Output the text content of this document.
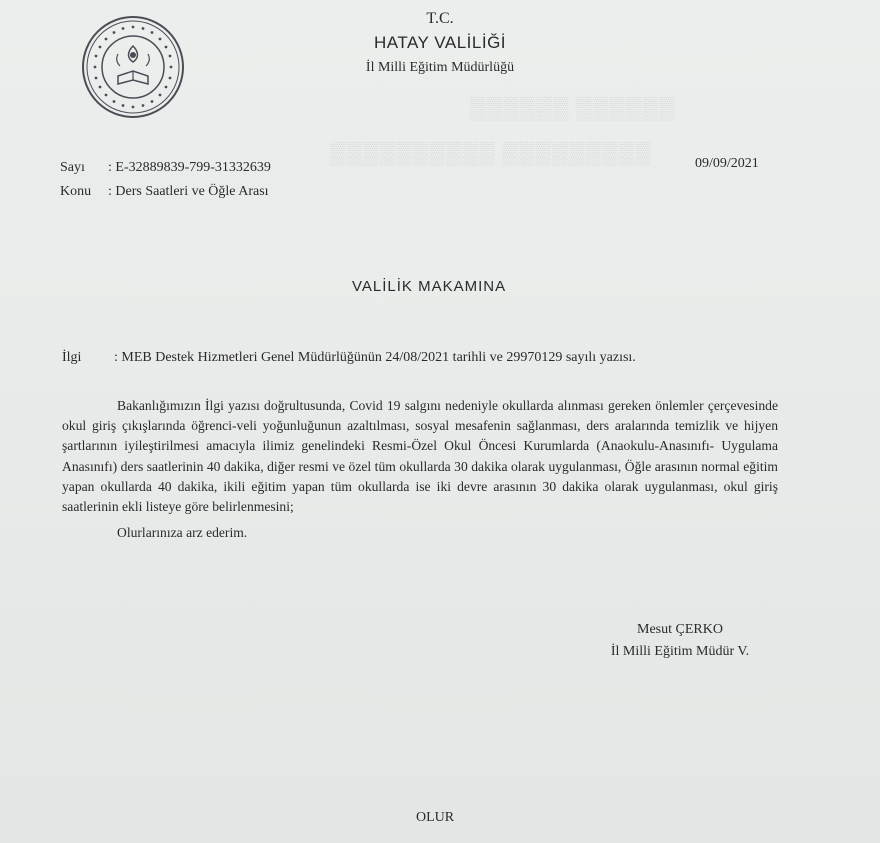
▒▒▒▒▒▒ ▒▒▒▒▒▒
▒▒▒▒▒▒▒▒▒▒ ▒▒▒▒▒▒▒▒▒
T.C.
HATAY VALİLİĞİ
İl Milli Eğitim Müdürlüğü
Sayı : E-32889839-799-31332639
Konu : Ders Saatleri ve Öğle Arası
09/09/2021
VALİLİK MAKAMINA
İlgi : MEB Destek Hizmetleri Genel Müdürlüğünün 24/08/2021 tarihli ve 29970129 sayılı yazısı.

Bakanlığımızın İlgi yazısı doğrultusunda, Covid 19 salgını nedeniyle okullarda alınması gereken önlemler çerçevesinde okul giriş çıkışlarında öğrenci-veli yoğunluğunun azaltılması, sosyal mesafenin sağlanması, ders aralarında temizlik ve hijyen şartlarının iyileştirilmesi amacıyla ilimiz genelindeki Resmi-Özel Okul Öncesi Kurumlarda (Anaokulu-Anasınıfı- Uygulama Anasınıfı) ders saatlerinin 40 dakika, diğer resmi ve özel tüm okullarda 30 dakika olarak uygulanması, Öğle arasının normal eğitim yapan okullarda 40 dakika, ikili eğitim yapan tüm okullarda ise iki devre arasının 30 dakika olarak uygulanması, okul giriş saatlerinin ekli listeye göre belirlenmesini;

Olurlarınıza arz ederim.

Mesut ÇERKO
İl Milli Eğitim Müdür V.
OLUR
